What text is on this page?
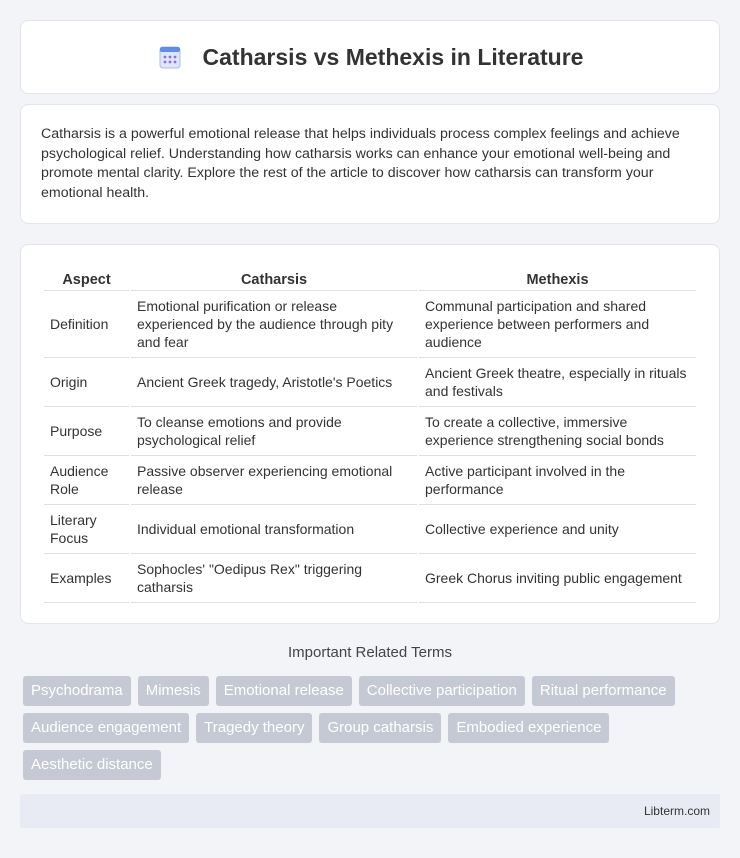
Catharsis vs Methexis in Literature

Catharsis is a powerful emotional release that helps individuals process complex feelings and achieve psychological relief. Understanding how catharsis works can enhance your emotional well-being and promote mental clarity. Explore the rest of the article to discover how catharsis can transform your emotional health.

Aspect	Catharsis	Methexis
Definition	Emotional purification or release experienced by the audience through pity and fear	Communal participation and shared experience between performers and audience
Origin	Ancient Greek tragedy, Aristotle's Poetics	Ancient Greek theatre, especially in rituals and festivals
Purpose	To cleanse emotions and provide psychological relief	To create a collective, immersive experience strengthening social bonds
Audience Role	Passive observer experiencing emotional release	Active participant involved in the performance
Literary Focus	Individual emotional transformation	Collective experience and unity
Examples	Sophocles' "Oedipus Rex" triggering catharsis	Greek Chorus inviting public engagement
Important Related Terms
Psychodrama	Mimesis	Emotional release	Collective participation	Ritual performance
Audience engagement	Tragedy theory	Group catharsis	Embodied experience
Aesthetic distance
Libterm.com
